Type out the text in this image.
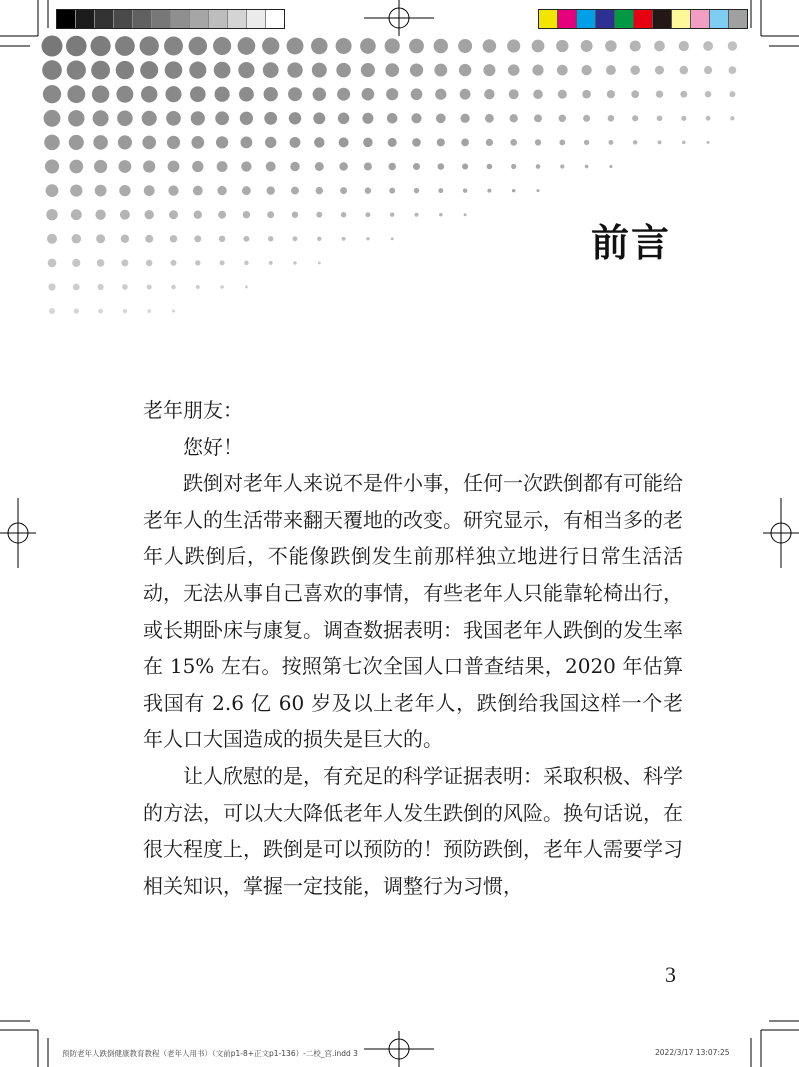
前言

老年朋友：

您好！

跌倒对老年人来说不是件小事，任何一次跌倒都有可能给老年人的生活带来翻天覆地的改变。研究显示，有相当多的老年人跌倒后，不能像跌倒发生前那样独立地进行日常生活活动，无法从事自己喜欢的事情，有些老年人只能靠轮椅出行，或长期卧床与康复。调查数据表明：我国老年人跌倒的发生率在 15% 左右。按照第七次全国人口普查结果，2020 年估算我国有 2.6 亿 60 岁及以上老年人，跌倒给我国这样一个老年人口大国造成的损失是巨大的。

让人欣慰的是，有充足的科学证据表明：采取积极、科学的方法，可以大大降低老年人发生跌倒的风险。换句话说，在很大程度上，跌倒是可以预防的！预防跌倒，老年人需要学习相关知识，掌握一定技能，调整行为习惯，

3
预防老年人跌倒健康教育教程（老年人用书）（文前p1-8+正文p1-136）-二校_宫.indd 3	2022/3/17 13:07:25
